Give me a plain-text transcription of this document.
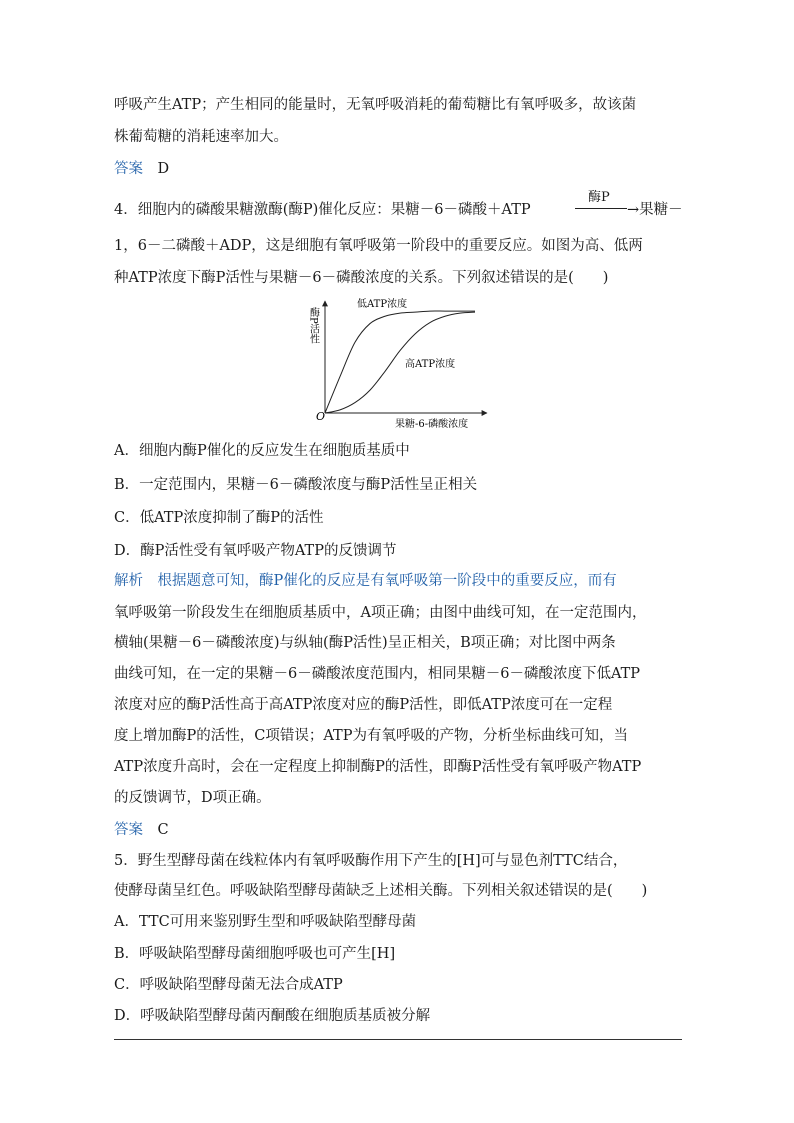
呼吸产生ATP；产生相同的能量时，无氧呼吸消耗的葡萄糖比有氧呼吸多，故该菌
株葡萄糖的消耗速率加大。
答案　 D
4．细胞内的磷酸果糖激酶(酶P)催化反应：果糖－6－磷酸＋ATP
酶P
→果糖－
1，6－二磷酸＋ADP，这是细胞有氧呼吸第一阶段中的重要反应。如图为高、低两
种ATP浓度下酶P活性与果糖－6－磷酸浓度的关系。下列叙述错误的是(　　)
O
酶P活性
果糖-6-磷酸浓度
低ATP浓度
高ATP浓度
A．细胞内酶P催化的反应发生在细胞质基质中
B．一定范围内，果糖－6－磷酸浓度与酶P活性呈正相关
C．低ATP浓度抑制了酶P的活性
D．酶P活性受有氧呼吸产物ATP的反馈调节
解析　根据题意可知，酶P催化的反应是有氧呼吸第一阶段中的重要反应，而有
氧呼吸第一阶段发生在细胞质基质中，A项正确；由图中曲线可知，在一定范围内，
横轴(果糖－6－磷酸浓度)与纵轴(酶P活性)呈正相关，B项正确；对比图中两条
曲线可知，在一定的果糖－6－磷酸浓度范围内，相同果糖－6－磷酸浓度下低ATP
浓度对应的酶P活性高于高ATP浓度对应的酶P活性，即低ATP浓度可在一定程
度上增加酶P的活性，C项错误；ATP为有氧呼吸的产物，分析坐标曲线可知，当
ATP浓度升高时，会在一定程度上抑制酶P的活性，即酶P活性受有氧呼吸产物ATP
的反馈调节，D项正确。
答案　 C
5．野生型酵母菌在线粒体内有氧呼吸酶作用下产生的[H]可与显色剂TTC结合，
使酵母菌呈红色。呼吸缺陷型酵母菌缺乏上述相关酶。下列相关叙述错误的是(　　)
A．TTC可用来鉴别野生型和呼吸缺陷型酵母菌
B．呼吸缺陷型酵母菌细胞呼吸也可产生[H]
C．呼吸缺陷型酵母菌无法合成ATP
D．呼吸缺陷型酵母菌丙酮酸在细胞质基质被分解
